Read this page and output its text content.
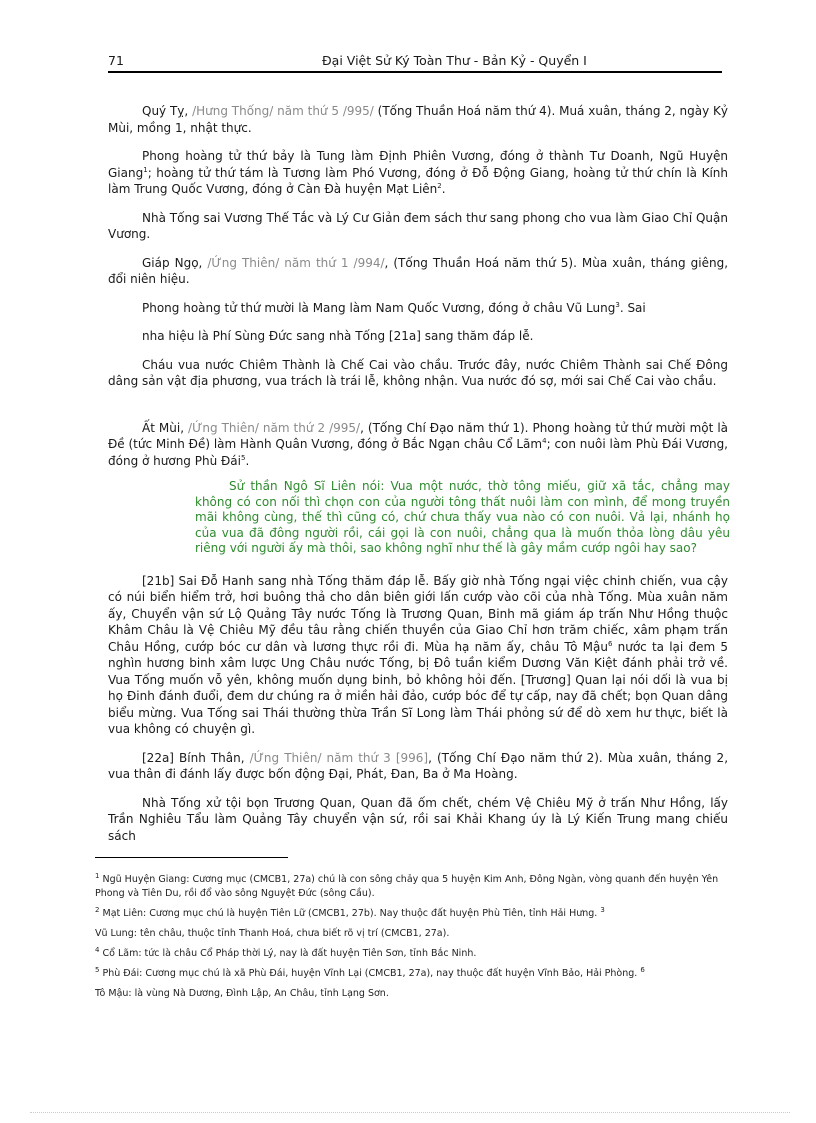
71	Đại Việt Sử Ký Toàn Thư - Bản Kỷ - Quyển I

Quý Tỵ, /Hưng Thống/ năm thứ 5 /995/ (Tống Thuần Hoá năm thứ 4). Muá xuân, tháng 2, ngày Kỷ Mùi, mồng 1, nhật thực.

Phong hoàng tử thứ bảy là Tung làm Định Phiên Vương, đóng ở thành Tư Doanh, Ngũ Huyện Giang$^1$; hoàng tử thứ tám là Tương làm Phó Vương, đóng ở Đỗ Động Giang, hoàng tử thứ chín là Kính làm Trung Quốc Vương, đóng ở Càn Đà huyện Mạt Liên$^2$.

Nhà Tống sai Vương Thế Tắc và Lý Cư Giản đem sách thư sang phong cho vua làm Giao Chỉ Quận Vương.

Giáp Ngọ, /Ứng Thiên/ năm thứ 1 /994/, (Tống Thuần Hoá năm thứ 5). Mùa xuân, tháng giêng, đổi niên hiệu.

Phong hoàng tử thứ mười là Mang làm Nam Quốc Vương, đóng ở châu Vũ Lung$^3$. Sai

nha hiệu là Phí Sùng Đức sang nhà Tống [21a] sang thăm đáp lễ.

Cháu vua nước Chiêm Thành là Chế Cai vào chầu. Trước đây, nước Chiêm Thành sai Chế Đông dâng sản vật địa phương, vua trách là trái lễ, không nhận. Vua nước đó sợ, mới sai Chế Cai vào chầu.

Ất Mùi, /Ứng Thiên/ năm thứ 2 /995/, (Tống Chí Đạo năm thứ 1). Phong hoàng tử thứ mười một là Đề (tức Minh Đề) làm Hành Quân Vương, đóng ở Bắc Ngạn châu Cổ Lãm$^4$; con nuôi làm Phù Đái Vương, đóng ở hương Phù Đái$^5$.

Sử thần Ngô Sĩ Liên nói: Vua một nước, thờ tông miếu, giữ xã tắc, chẳng may không có con nối thì chọn con của người tông thất nuôi làm con mình, để mong truyền mãi không cùng, thế thì cũng có, chứ chưa thấy vua nào có con nuôi. Vả lại, nhánh họ của vua đã đông người rồi, cái gọi là con nuôi, chẳng qua là muốn thỏa lòng dâu yêu riêng với người ấy mà thôi, sao không nghĩ như thế là gây mầm cướp ngôi hay sao?

[21b] Sai Đỗ Hanh sang nhà Tống thăm đáp lễ. Bấy giờ nhà Tống ngại việc chinh chiến, vua cậy có núi biển hiểm trở, hơi buông thả cho dân biên giới lấn cướp vào cõi của nhà Tống. Mùa xuân năm ấy, Chuyển vận sứ Lộ Quảng Tây nước Tống là Trương Quan, Binh mã giám áp trấn Như Hồng thuộc Khâm Châu là Vệ Chiêu Mỹ đều tâu rằng chiến thuyền của Giao Chỉ hơn trăm chiếc, xâm phạm trấn Châu Hồng, cướp bóc cư dân và lương thực rồi đi. Mùa hạ năm ấy, châu Tô Mậu$^6$ nước ta lại đem 5 nghìn hương binh xâm lược Ung Châu nước Tống, bị Đô tuần kiểm Dương Văn Kiệt đánh phải trở về. Vua Tống muốn vỗ yên, không muốn dụng binh, bỏ không hỏi đến. [Trương] Quan lại nói dối là vua bị họ Đinh đánh đuổi, đem dư chúng ra ở miền hải đảo, cướp bóc để tự cấp, nay đã chết; bọn Quan dâng biểu mừng. Vua Tống sai Thái thường thừa Trần Sĩ Long làm Thái phỏng sứ để dò xem hư thực, biết là vua không có chuyện gì.

[22a] Bính Thân, /Ứng Thiên/ năm thứ 3 [996], (Tống Chí Đạo năm thứ 2). Mùa xuân, tháng 2, vua thân đi đánh lấy được bốn động Đại, Phát, Đan, Ba ở Ma Hoàng.

Nhà Tống xử tội bọn Trương Quan, Quan đã ốm chết, chém Vệ Chiêu Mỹ ở trấn Như Hồng, lấy Trần Nghiêu Tẩu làm Quảng Tây chuyển vận sứ, rồi sai Khải Khang úy là Lý Kiến Trung mang chiếu sách

$^1$ Ngũ Huyện Giang: Cương mục (CMCB1, 27a) chú là con sông chảy qua 5 huyện Kim Anh, Đông Ngàn, vòng quanh đến huyện Yên Phong và Tiên Du, rồi đổ vào sông Nguyệt Đức (sông Cầu).
$^2$ Mạt Liên: Cương mục chú là huyện Tiên Lữ (CMCB1, 27b). Nay thuộc đất huyện Phù Tiên, tỉnh Hải Hưng. $^3$
Vũ Lung: tên châu, thuộc tỉnh Thanh Hoá, chưa biết rõ vị trí (CMCB1, 27a).
$^4$ Cổ Lãm: tức là châu Cổ Pháp thời Lý, nay là đất huyện Tiên Sơn, tỉnh Bắc Ninh.
$^5$ Phù Đái: Cương mục chú là xã Phù Đái, huyện Vĩnh Lại (CMCB1, 27a), nay thuộc đất huyện Vĩnh Bảo, Hải Phòng. $^6$
Tô Mậu: là vùng Nà Dương, Đình Lập, An Châu, tỉnh Lạng Sơn.
